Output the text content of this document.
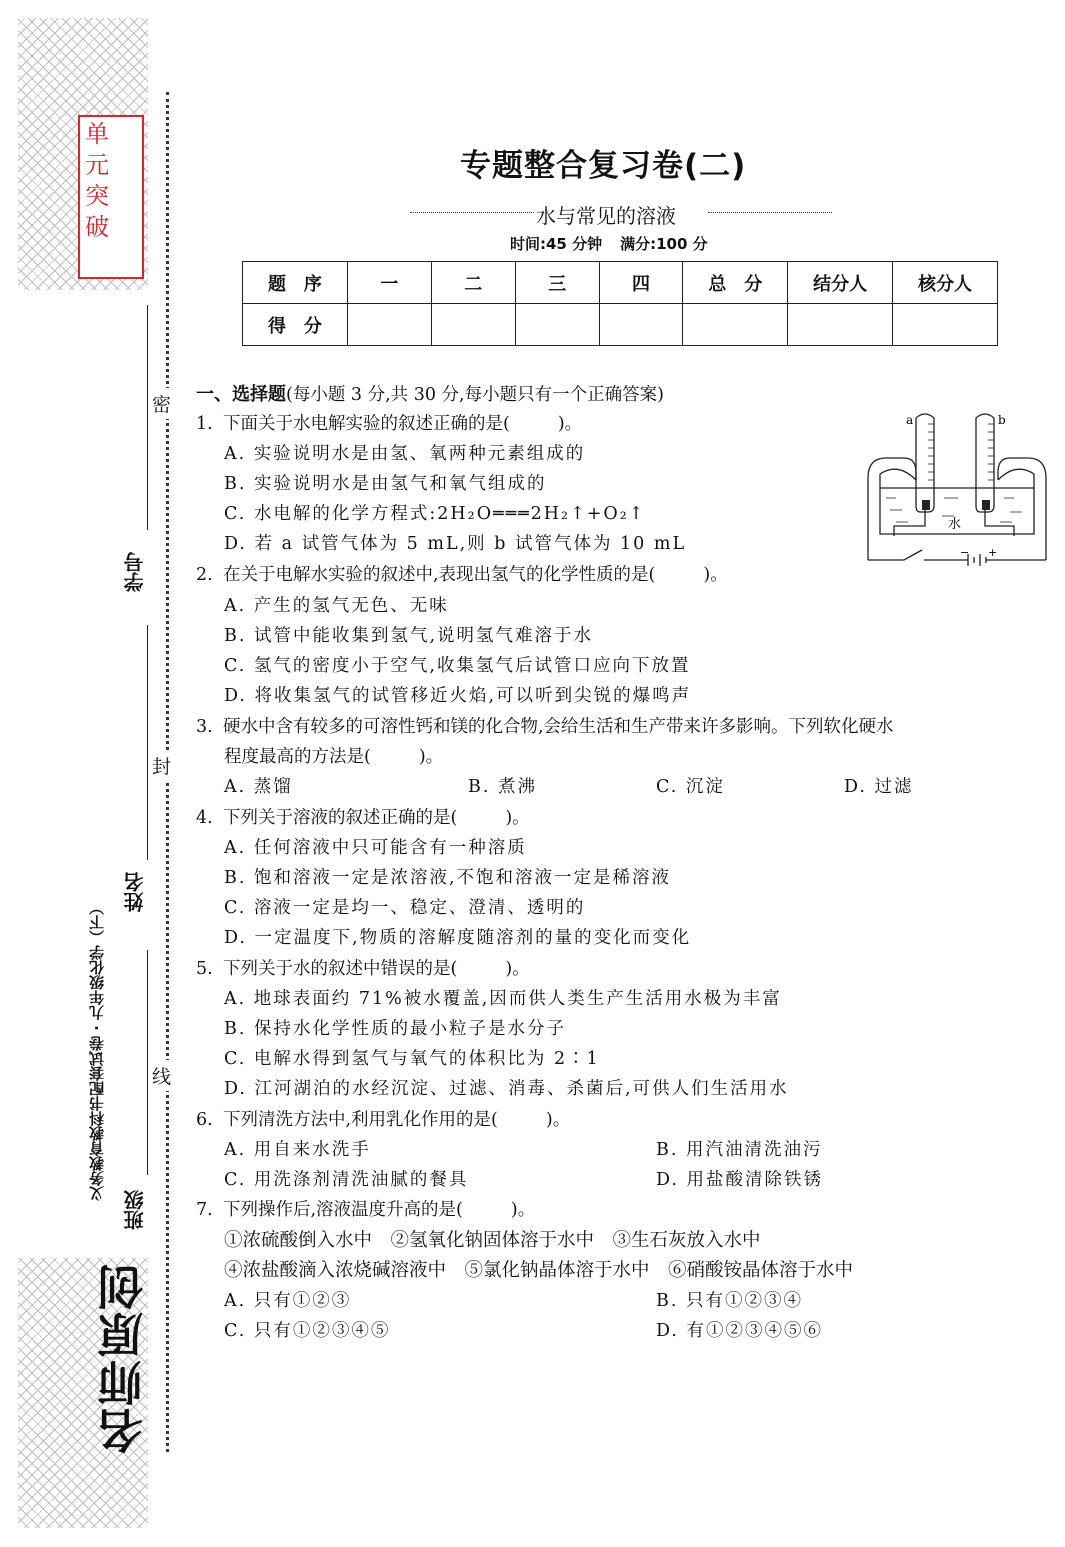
单元突破
密
封
线
学号
姓名
班级
义务教育教科书配套试卷 · 九年级化学（下）
名师原创
专题整合复习卷(二)
水与常见的溶液
时间:45 分钟 满分:100 分
题　序	一	二	三	四	总　分	结分人	核分人
得　分							
一、选择题(每小题 3 分,共 30 分,每小题只有一个正确答案)
1. 下面关于水电解实验的叙述正确的是(	)。
A. 实验说明水是由氢、氧两种元素组成的
B. 实验说明水是由氢气和氧气组成的
C. 水电解的化学方程式:2H₂O═══2H₂↑+O₂↑
D. 若 a 试管气体为 5 mL,则 b 试管气体为 10 mL
2. 在关于电解水实验的叙述中,表现出氢气的化学性质的是(	)。
A. 产生的氢气无色、无味
B. 试管中能收集到氢气,说明氢气难溶于水
C. 氢气的密度小于空气,收集氢气后试管口应向下放置
D. 将收集氢气的试管移近火焰,可以听到尖锐的爆鸣声
3. 硬水中含有较多的可溶性钙和镁的化合物,会给生活和生产带来许多影响。下列软化硬水
程度最高的方法是(	)。
A. 蒸馏	B. 煮沸	C. 沉淀	D. 过滤
4. 下列关于溶液的叙述正确的是(	)。
A. 任何溶液中只可能含有一种溶质
B. 饱和溶液一定是浓溶液,不饱和溶液一定是稀溶液
C. 溶液一定是均一、稳定、澄清、透明的
D. 一定温度下,物质的溶解度随溶剂的量的变化而变化
5. 下列关于水的叙述中错误的是(	)。
A. 地球表面约 71%被水覆盖,因而供人类生产生活用水极为丰富
B. 保持水化学性质的最小粒子是水分子
C. 电解水得到氢气与氧气的体积比为 2∶1
D. 江河湖泊的水经沉淀、过滤、消毒、杀菌后,可供人们生活用水
6. 下列清洗方法中,利用乳化作用的是(	)。
A. 用自来水洗手	B. 用汽油清洗油污
C. 用洗涤剂清洗油腻的餐具	D. 用盐酸清除铁锈
7. 下列操作后,溶液温度升高的是(	)。
①浓硫酸倒入水中　②氢氧化钠固体溶于水中　③生石灰放入水中
④浓盐酸滴入浓烧碱溶液中　⑤氯化钠晶体溶于水中　⑥硝酸铵晶体溶于水中
A. 只有①②③	B. 只有①②③④
C. 只有①②③④⑤	D. 有①②③④⑤⑥
a	b
水
− +
